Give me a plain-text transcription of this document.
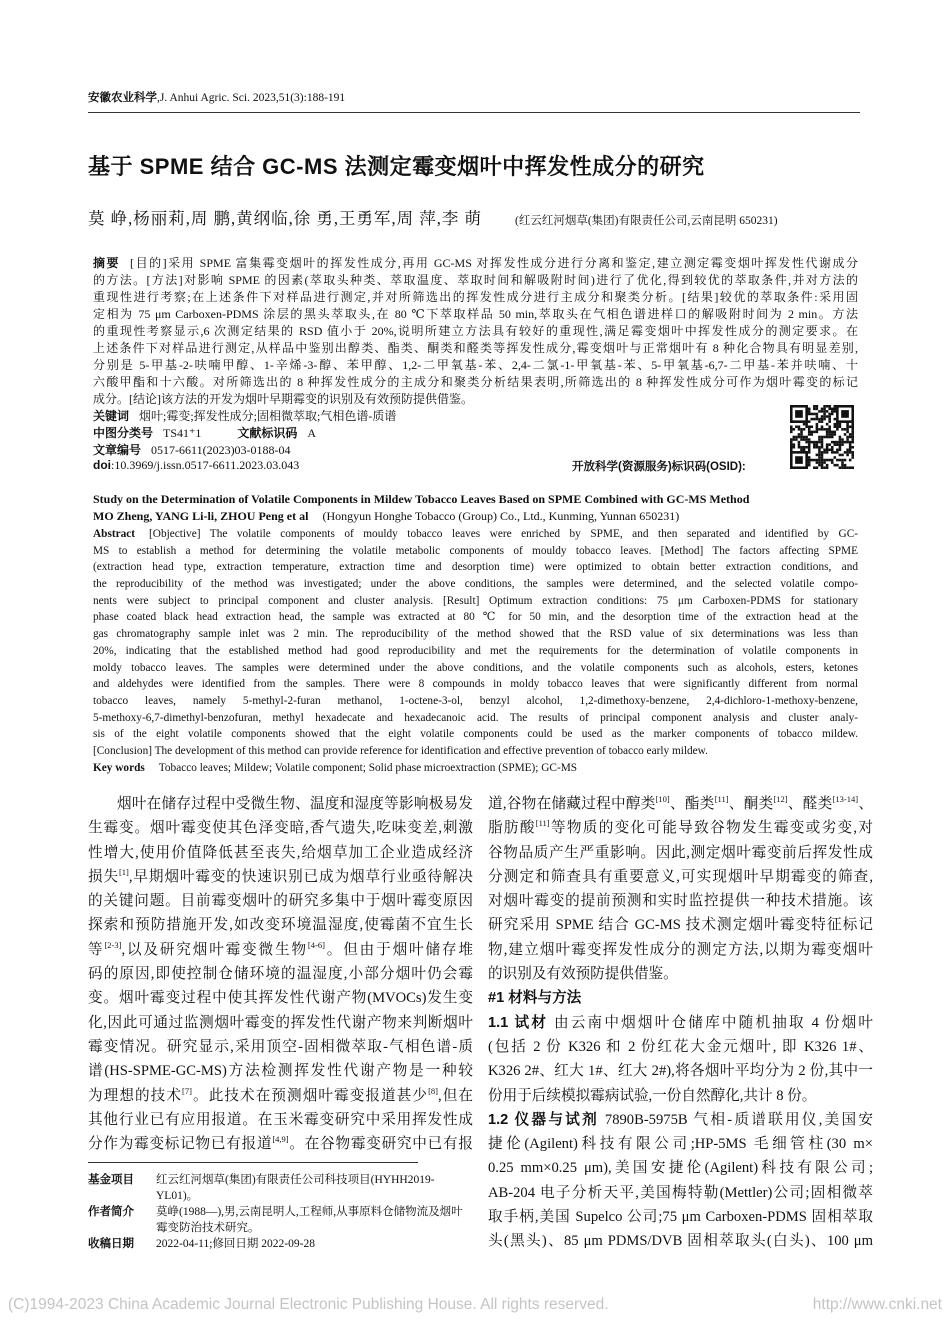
安徽农业科学,J. Anhui Agric. Sci. 2023,51(3):188-191
基于 SPME 结合 GC-MS 法测定霉变烟叶中挥发性成分的研究
莫 峥,杨丽莉,周 鹏,黄纲临,徐 勇,王勇军,周 萍,李 萌	(红云红河烟草(集团)有限责任公司,云南昆明 650231)
摘要 [目的]采用 SPME 富集霉变烟叶的挥发性成分,再用 GC-MS 对挥发性成分进行分离和鉴定,建立测定霉变烟叶挥发性代谢成分
的方法。[方法]对影响 SPME 的因素(萃取头种类、萃取温度、萃取时间和解吸附时间)进行了优化,得到较优的萃取条件,并对方法的
重现性进行考察;在上述条件下对样品进行测定,并对所筛选出的挥发性成分进行主成分和聚类分析。[结果]较优的萃取条件:采用固
定相为 75 μm Carboxen-PDMS 涂层的黑头萃取头,在 80 ℃下萃取样品 50 min,萃取头在气相色谱进样口的解吸附时间为 2 min。方法
的重现性考察显示,6 次测定结果的 RSD 值小于 20%,说明所建立方法具有较好的重现性,满足霉变烟叶中挥发性成分的测定要求。在
上述条件下对样品进行测定,从样品中鉴别出醇类、酯类、酮类和醛类等挥发性成分,霉变烟叶与正常烟叶有 8 种化合物具有明显差别,
分别是 5-甲基-2-呋喃甲醇、1-辛烯-3-醇、苯甲醇、1,2-二甲氧基-苯、2,4-二氯-1-甲氧基-苯、5-甲氧基-6,7-二甲基-苯并呋喃、十
六酸甲酯和十六酸。对所筛选出的 8 种挥发性成分的主成分和聚类分析结果表明,所筛选出的 8 种挥发性成分可作为烟叶霉变的标记
成分。[结论]该方法的开发为烟叶早期霉变的识别及有效预防提供借鉴。
关键词 烟叶;霉变;挥发性成分;固相微萃取;气相色谱-质谱
中图分类号 TS41⁺1	文献标识码 A
文章编号 0517-6611(2023)03-0188-04
doi:10.3969/j.issn.0517-6611.2023.03.043	开放科学(资源服务)标识码(OSID):
Study on the Determination of Volatile Components in Mildew Tobacco Leaves Based on SPME Combined with GC-MS Method
MO Zheng, YANG Li-li, ZHOU Peng et al (Hongyun Honghe Tobacco (Group) Co., Ltd., Kunming, Yunnan 650231)
Abstract [Objective] The volatile components of mouldy tobacco leaves were enriched by SPME, and then separated and identified by GC-
MS to establish a method for determining the volatile metabolic components of mouldy tobacco leaves. [Method] The factors affecting SPME
(extraction head type, extraction temperature, extraction time and desorption time) were optimized to obtain better extraction conditions, and
the reproducibility of the method was investigated; under the above conditions, the samples were determined, and the selected volatile compo-
nents were subject to principal component and cluster analysis. [Result] Optimum extraction conditions: 75 μm Carboxen-PDMS for stationary
phase coated black head extraction head, the sample was extracted at 80 ℃ for 50 min, and the desorption time of the extraction head at the
gas chromatography sample inlet was 2 min. The reproducibility of the method showed that the RSD value of six determinations was less than
20%, indicating that the established method had good reproducibility and met the requirements for the determination of volatile components in
moldy tobacco leaves. The samples were determined under the above conditions, and the volatile components such as alcohols, esters, ketones
and aldehydes were identified from the samples. There were 8 compounds in moldy tobacco leaves that were significantly different from normal
tobacco leaves, namely 5-methyl-2-furan methanol, 1-octene-3-ol, benzyl alcohol, 1,2-dimethoxy-benzene, 2,4-dichloro-1-methoxy-benzene,
5-methoxy-6,7-dimethyl-benzofuran, methyl hexadecate and hexadecanoic acid. The results of principal component analysis and cluster analy-
sis of the eight volatile components showed that the eight volatile components could be used as the marker components of tobacco mildew.
[Conclusion] The development of this method can provide reference for identification and effective prevention of tobacco early mildew.
Key words Tobacco leaves; Mildew; Volatile component; Solid phase microextraction (SPME); GC-MS
烟叶在储存过程中受微生物、温度和湿度等影响极易发
生霉变。烟叶霉变使其色泽变暗,香气遗失,吃味变差,刺激
性增大,使用价值降低甚至丧失,给烟草加工企业造成经济
损失[1],早期烟叶霉变的快速识别已成为烟草行业亟待解决
的关键问题。目前霉变烟叶的研究多集中于烟叶霉变原因
探索和预防措施开发,如改变环境温湿度,使霉菌不宜生长
等[2-3],以及研究烟叶霉变微生物[4-6]。但由于烟叶储存堆
码的原因,即使控制仓储环境的温湿度,小部分烟叶仍会霉
变。烟叶霉变过程中使其挥发性代谢产物(MVOCs)发生变
化,因此可通过监测烟叶霉变的挥发性代谢产物来判断烟叶
霉变情况。研究显示,采用顶空-固相微萃取-气相色谱-质
谱(HS-SPME-GC-MS)方法检测挥发性代谢产物是一种较
为理想的技术[7]。此技术在预测烟叶霉变报道甚少[8],但在
其他行业已有应用报道。在玉米霉变研究中采用挥发性成
分作为霉变标记物已有报道[4,9]。在谷物霉变研究中已有报
道,谷物在储藏过程中醇类[10]、酯类[11]、酮类[12]、醛类[13-14]、
脂肪酸[11]等物质的变化可能导致谷物发生霉变或劣变,对
谷物品质产生严重影响。因此,测定烟叶霉变前后挥发性成
分测定和筛查具有重要意义,可实现烟叶早期霉变的筛查,
对烟叶霉变的提前预测和实时监控提供一种技术措施。该
研究采用 SPME 结合 GC-MS 技术测定烟叶霉变特征标记
物,建立烟叶霉变挥发性成分的测定方法,以期为霉变烟叶
的识别及有效预防提供借鉴。
#1 材料与方法
1.1 试材 由云南中烟烟叶仓储库中随机抽取 4 份烟叶
(包括 2 份 K326 和 2 份红花大金元烟叶, 即 K326 1#、
K326 2#、红大 1#、红大 2#),将各烟叶平均分为 2 份,其中一
份用于后续模拟霉病试验,一份自然醇化,共计 8 份。
1.2 仪器与试剂 7890B-5975B 气相-质谱联用仪,美国安
捷伦(Agilent)科技有限公司;HP-5MS 毛细管柱(30 m×
0.25 mm×0.25 μm),美国安捷伦(Agilent)科技有限公司;
AB-204 电子分析天平,美国梅特勒(Mettler)公司;固相微萃
取手柄,美国 Supelco 公司;75 μm Carboxen-PDMS 固相萃取
头(黑头)、85 μm PDMS/DVB 固相萃取头(白头)、100 μm
基金项目	红云红河烟草(集团)有限责任公司科技项目(HYHH2019-YL01)。
作者简介	莫峥(1988—),男,云南昆明人,工程师,从事原料仓储物流及烟叶霉变防治技术研究。
收稿日期	2022-04-11;修回日期 2022-09-28
(C)1994-2023 China Academic Journal Electronic Publishing House. All rights reserved.	http://www.cnki.net
